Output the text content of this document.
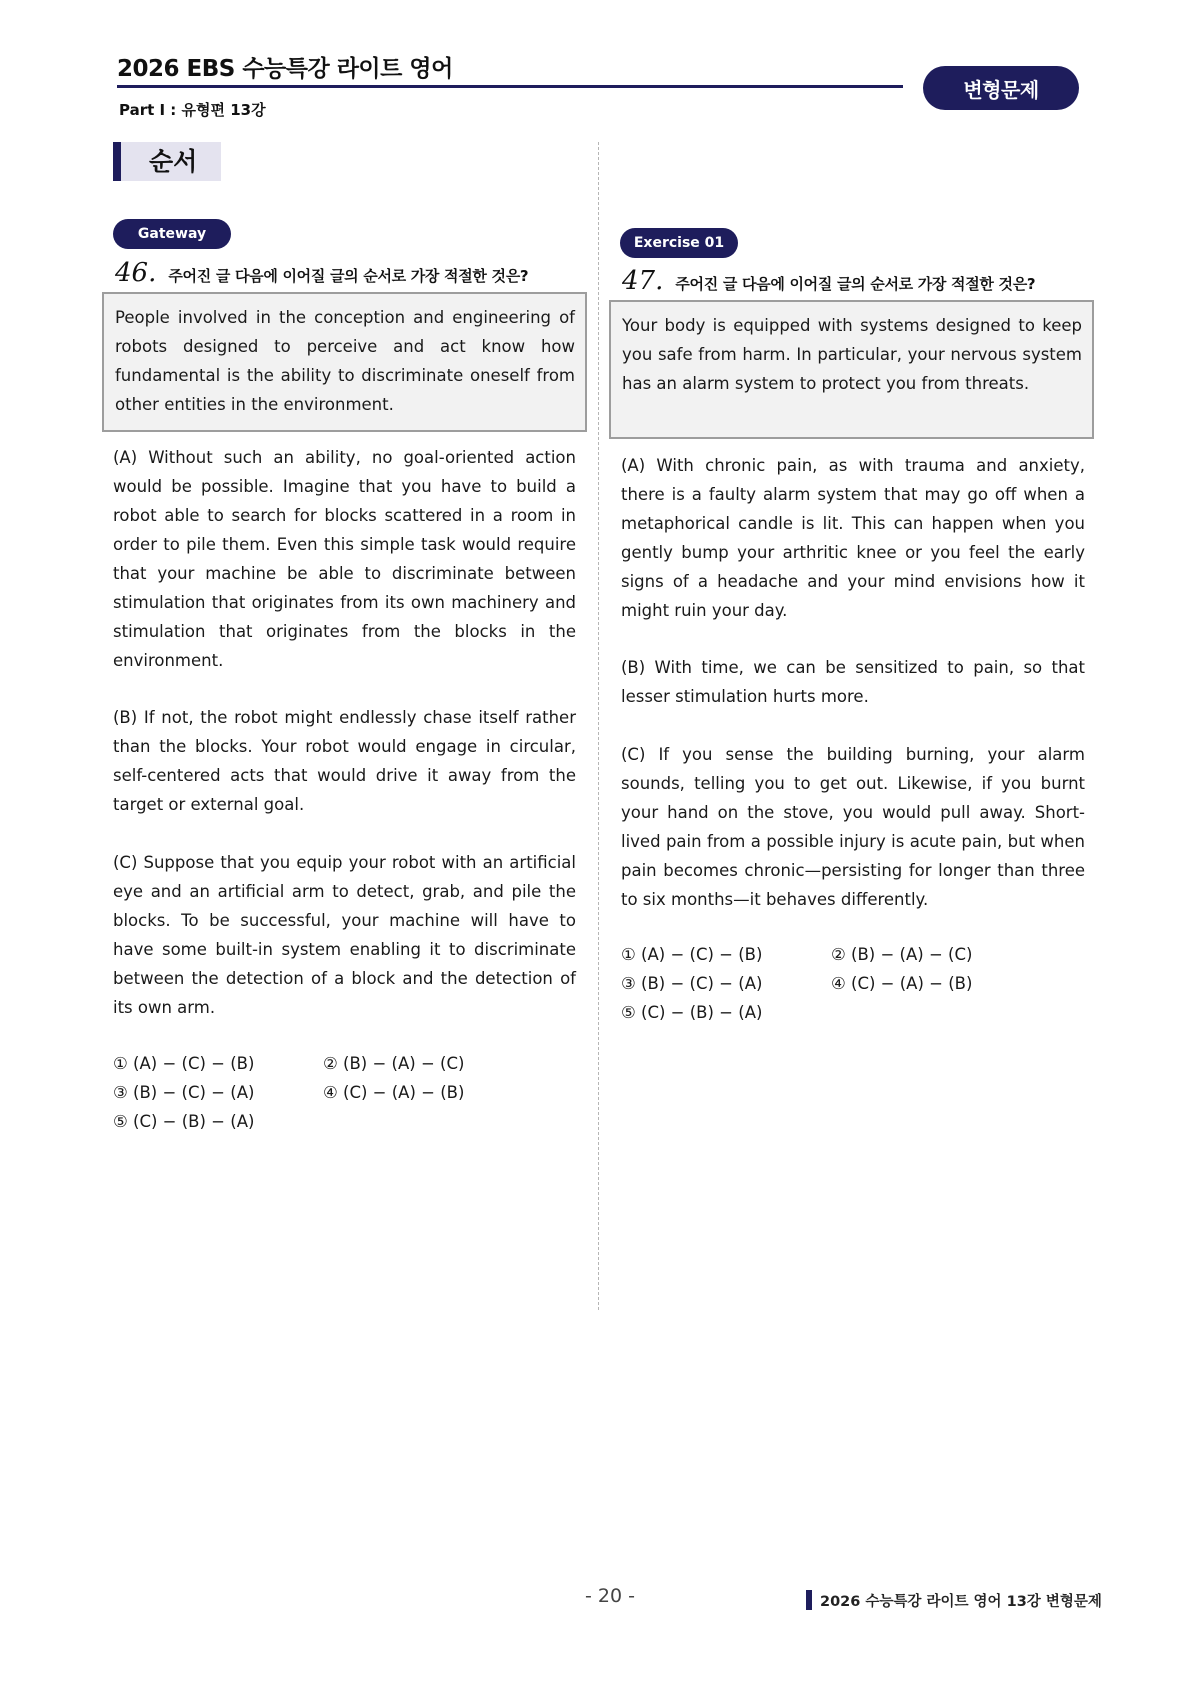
2026 EBS 수능특강 라이트 영어
Part Ⅰ : 유형편 13강
변형문제
순서
Gateway
46. 주어진 글 다음에 이어질 글의 순서로 가장 적절한 것은?

People involved in the conception and engineering of robots designed to perceive and act know how fundamental is the ability to discriminate oneself from other entities in the environment.

(A) Without such an ability, no goal-oriented action would be possible. Imagine that you have to build a robot able to search for blocks scattered in a room in order to pile them. Even this simple task would require that your machine be able to discriminate between stimulation that originates from its own machinery and stimulation that originates from the blocks in the environment.

(B) If not, the robot might endlessly chase itself rather than the blocks. Your robot would engage in circular, self-centered acts that would drive it away from the target or external goal.

(C) Suppose that you equip your robot with an artificial eye and an artificial arm to detect, grab, and pile the blocks. To be successful, your machine will have to have some built-in system enabling it to discriminate between the detection of a block and the detection of its own arm.

① (A) − (C) − (B)	② (B) − (A) − (C)
③ (B) − (C) − (A)	④ (C) − (A) − (B)
⑤ (C) − (B) − (A)
Exercise 01
47. 주어진 글 다음에 이어질 글의 순서로 가장 적절한 것은?

Your body is equipped with systems designed to keep you safe from harm. In particular, your nervous system has an alarm system to protect you from threats.

(A) With chronic pain, as with trauma and anxiety, there is a faulty alarm system that may go off when a metaphorical candle is lit. This can happen when you gently bump your arthritic knee or you feel the early signs of a headache and your mind envisions how it might ruin your day.

(B) With time, we can be sensitized to pain, so that lesser stimulation hurts more.

(C) If you sense the building burning, your alarm sounds, telling you to get out. Likewise, if you burnt your hand on the stove, you would pull away. Short-lived pain from a possible injury is acute pain, but when pain becomes chronic—persisting for longer than three to six months—it behaves differently.

① (A) − (C) − (B)	② (B) − (A) − (C)
③ (B) − (C) − (A)	④ (C) − (A) − (B)
⑤ (C) − (B) − (A)
- 20 -	2026 수능특강 라이트 영어 13강 변형문제
